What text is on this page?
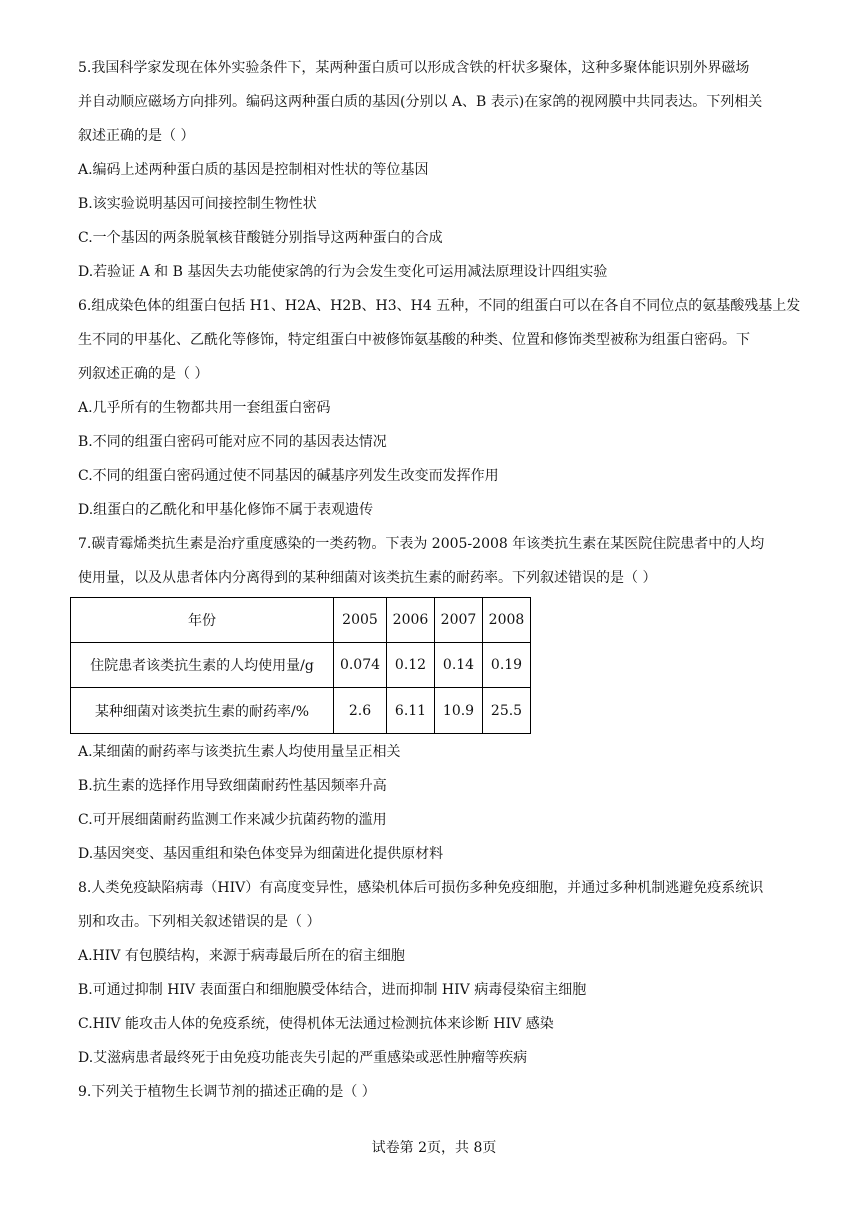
5.我国科学家发现在体外实验条件下，某两种蛋白质可以形成含铁的杆状多聚体，这种多聚体能识别外界磁场
并自动顺应磁场方向排列。编码这两种蛋白质的基因(分别以 A、B 表示)在家鸽的视网膜中共同表达。下列相关
叙述正确的是（ ）
A.编码上述两种蛋白质的基因是控制相对性状的等位基因
B.该实验说明基因可间接控制生物性状
C.一个基因的两条脱氧核苷酸链分别指导这两种蛋白的合成
D.若验证 A 和 B 基因失去功能使家鸽的行为会发生变化可运用减法原理设计四组实验
6.组成染色体的组蛋白包括 H1、H2A、H2B、H3、H4 五种，不同的组蛋白可以在各自不同位点的氨基酸残基上发
生不同的甲基化、乙酰化等修饰，特定组蛋白中被修饰氨基酸的种类、位置和修饰类型被称为组蛋白密码。下
列叙述正确的是（ ）
A.几乎所有的生物都共用一套组蛋白密码
B.不同的组蛋白密码可能对应不同的基因表达情况
C.不同的组蛋白密码通过使不同基因的碱基序列发生改变而发挥作用
D.组蛋白的乙酰化和甲基化修饰不属于表观遗传
7.碳青霉烯类抗生素是治疗重度感染的一类药物。下表为 2005-2008 年该类抗生素在某医院住院患者中的人均
使用量，以及从患者体内分离得到的某种细菌对该类抗生素的耐药率。下列叙述错误的是（ ）
年份	2005	2006	2007	2008
住院患者该类抗生素的人均使用量/g	0.074	0.12	0.14	0.19
某种细菌对该类抗生素的耐药率/%	2.6	6.11	10.9	25.5
A.某细菌的耐药率与该类抗生素人均使用量呈正相关
B.抗生素的选择作用导致细菌耐药性基因频率升高
C.可开展细菌耐药监测工作来减少抗菌药物的滥用
D.基因突变、基因重组和染色体变异为细菌进化提供原材料
8.人类免疫缺陷病毒（HIV）有高度变异性，感染机体后可损伤多种免疫细胞，并通过多种机制逃避免疫系统识
别和攻击。下列相关叙述错误的是（ ）
A.HIV 有包膜结构，来源于病毒最后所在的宿主细胞
B.可通过抑制 HIV 表面蛋白和细胞膜受体结合，进而抑制 HIV 病毒侵染宿主细胞
C.HIV 能攻击人体的免疫系统，使得机体无法通过检测抗体来诊断 HIV 感染
D.艾滋病患者最终死于由免疫功能丧失引起的严重感染或恶性肿瘤等疾病
9.下列关于植物生长调节剂的描述正确的是（ ）
试卷第 2页，共 8页
